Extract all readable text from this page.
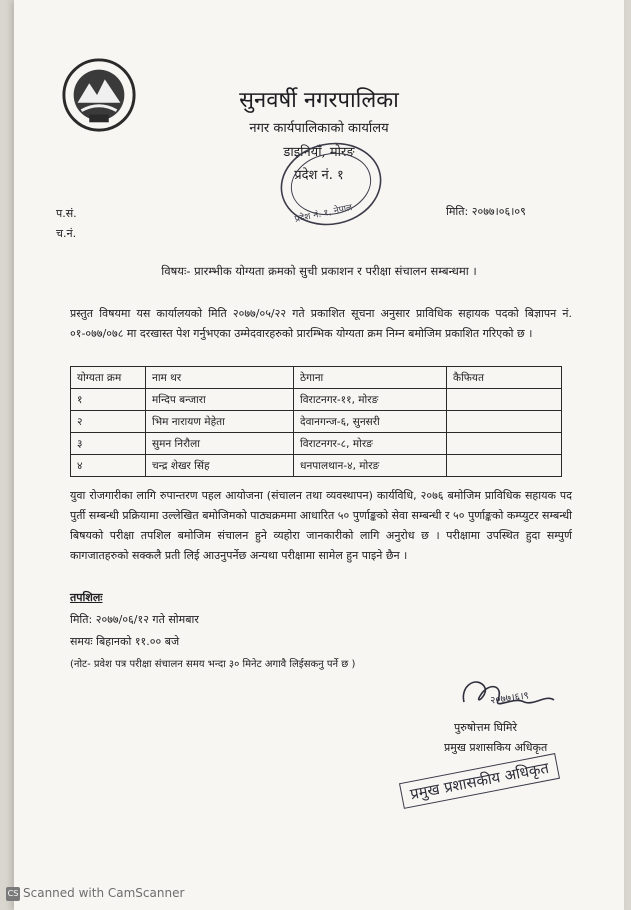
सुनवर्षी नगरपालिका
नगर कार्यपालिकाको कार्यालय
डाइनियाँ, मोरङ
प्रदेश नं. १
प्रदेश नं. १, नेपाल
प.सं.
च.नं.
मिति: २०७७।०६।०९
विषयः- प्रारम्भीक योग्यता क्रमको सुची प्रकाशन र परीक्षा संचालन सम्बन्धमा ।
प्रस्तुत विषयमा यस कार्यालयको मिति २०७७/०५/२२ गते प्रकाशित सूचना अनुसार प्राविधिक सहायक पदको बिज्ञापन नं. ०१-०७७/०७८ मा दरखास्त पेश गर्नुभएका उम्मेदवारहरुको प्रारम्भिक योग्यता क्रम निम्न बमोजिम प्रकाशित गरिएको छ ।
योग्यता क्रम	नाम थर	ठेगाना	कैफियत
१	मन्दिप बन्जारा	विराटनगर-११, मोरङ	
२	भिम नारायण मेहेता	देवानगन्ज-६, सुनसरी	
३	सुमन निरौला	विराटनगर-८, मोरङ	
४	चन्द्र शेखर सिंह	धनपालथान-४, मोरङ	
युवा रोजगारीका लागि रुपान्तरण पहल आयोजना (संचालन तथा व्यवस्थापन) कार्यविधि, २०७६ बमोजिम प्राविधिक सहायक पद पुर्ती सम्बन्धी प्रक्रियामा उल्लेखित बमोजिमको पाठ्यक्रममा आधारित ५० पुर्णाङ्कको सेवा सम्बन्धी र ५० पुर्णाङ्कको कम्प्युटर सम्बन्धी बिषयको परीक्षा तपशिल बमोजिम संचालन हुने व्यहोरा जानकारीको लागि अनुरोध छ । परीक्षामा उपस्थित हुदा सम्पुर्ण कागजातहरुको सक्कलै प्रती लिई आउनुपर्नेछ अन्यथा परीक्षामा सामेल हुन पाइने छैन ।
तपशिलः
मिति: २०७७/०६/१२ गते सोमबार
समयः बिहानको ११.०० बजे
(नोट- प्रवेश पत्र परीक्षा संचालन समय भन्दा ३० मिनेट अगावै लिईसकनु पर्ने छ )
२०७७।६।९
पुरुषोत्तम घिमिरे
प्रमुख प्रशासकिय अधिकृत
प्रमुख प्रशासकीय अधिकृत
CS Scanned with CamScanner
